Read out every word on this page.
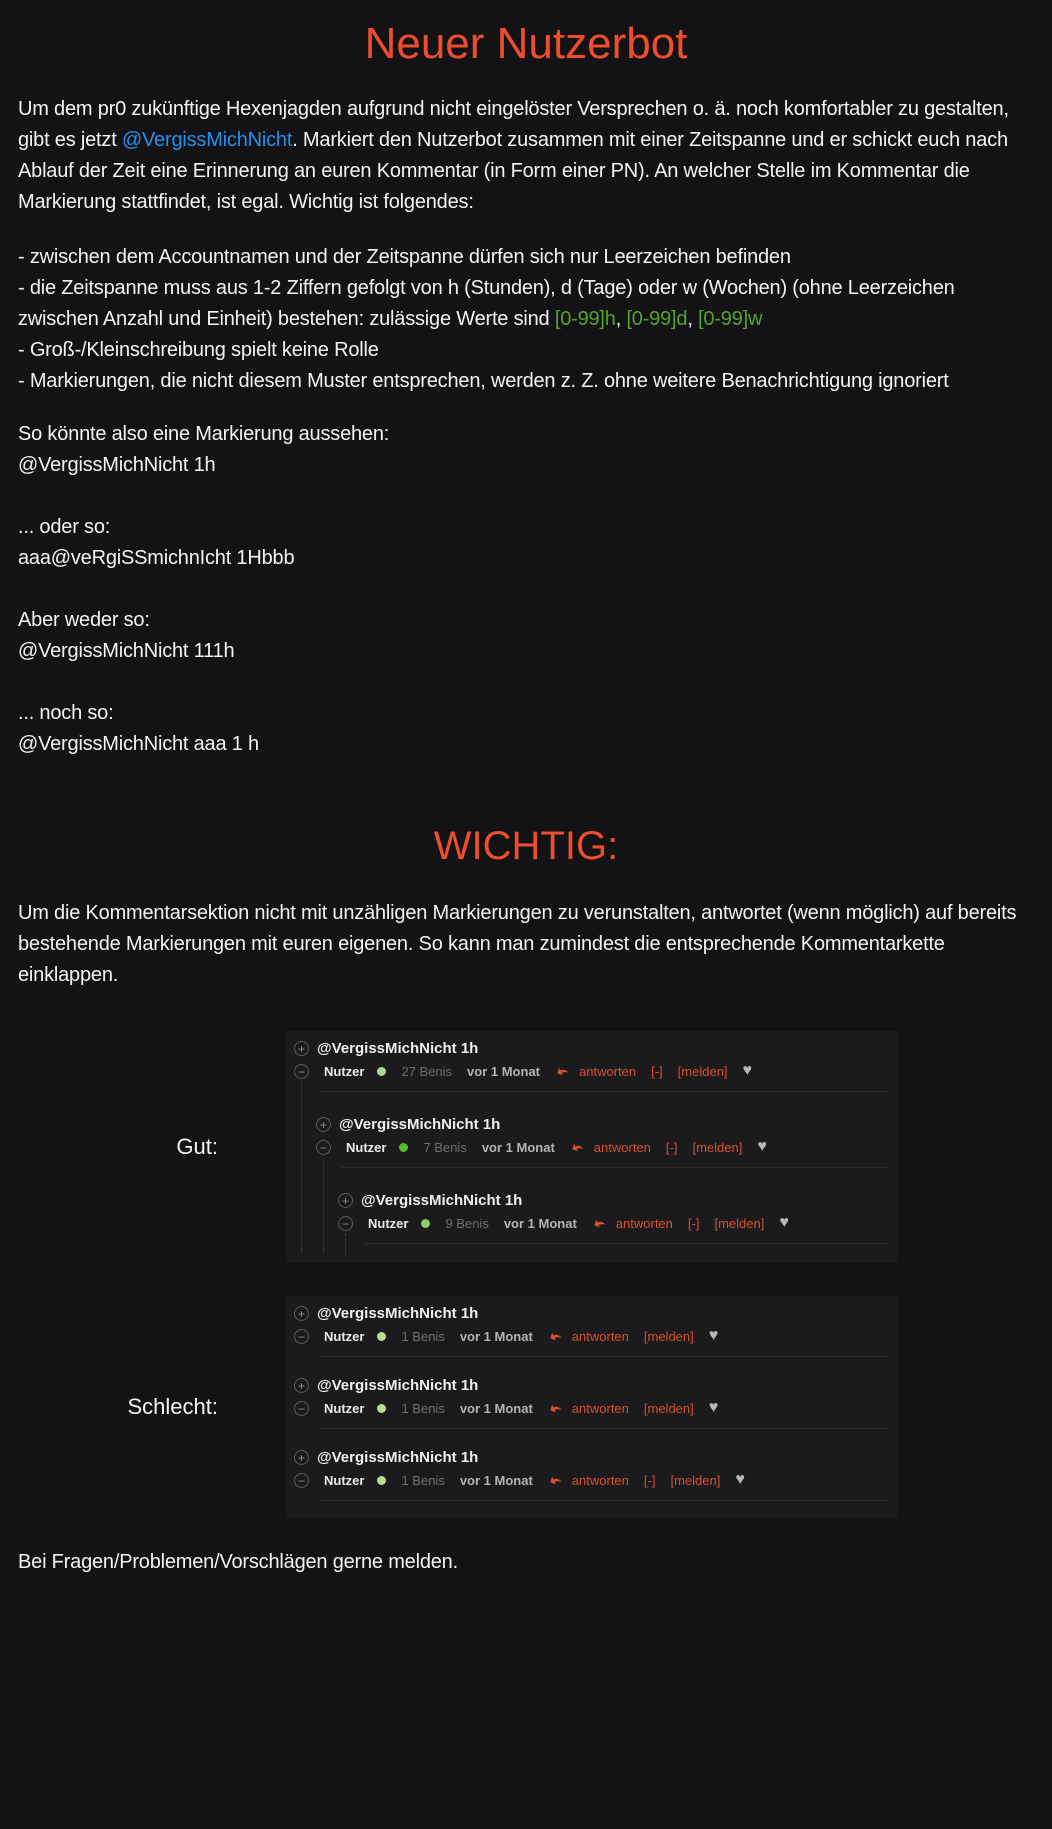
Neuer Nutzerbot

Um dem pr0 zukünftige Hexenjagden aufgrund nicht eingelöster Versprechen o. ä. noch komfortabler zu gestalten, gibt es jetzt @VergissMichNicht. Markiert den Nutzerbot zusammen mit einer Zeitspanne und er schickt euch nach Ablauf der Zeit eine Erinnerung an euren Kommentar (in Form einer PN). An welcher Stelle im Kommentar die Markierung stattfindet, ist egal. Wichtig ist folgendes:

- zwischen dem Accountnamen und der Zeitspanne dürfen sich nur Leerzeichen befinden
- die Zeitspanne muss aus 1-2 Ziffern gefolgt von h (Stunden), d (Tage) oder w (Wochen) (ohne Leerzeichen zwischen Anzahl und Einheit) bestehen: zulässige Werte sind [0-99]h, [0-99]d, [0-99]w
- Groß-/Kleinschreibung spielt keine Rolle
- Markierungen, die nicht diesem Muster entsprechen, werden z. Z. ohne weitere Benachrichtigung ignoriert
So könnte also eine Markierung aussehen:
@VergissMichNicht 1h
... oder so:
aaa@veRgiSSmichnIcht 1Hbbb
Aber weder so:
@VergissMichNicht 111h
... noch so:
@VergissMichNicht aaa 1 h
WICHTIG:

Um die Kommentarsektion nicht mit unzähligen Markierungen zu verunstalten, antwortet (wenn möglich) auf bereits bestehende Markierungen mit euren eigenen. So kann man zumindest die entsprechende Kommentarkette einklappen.

Gut:
+ @VergissMichNicht 1h
−	Nutzer	27 Benis vor 1 Monat	antworten [-] [melden] ♥
+ @VergissMichNicht 1h
−	Nutzer	7 Benis vor 1 Monat	antworten [-] [melden] ♥
+ @VergissMichNicht 1h
−	Nutzer	9 Benis vor 1 Monat	antworten [-] [melden] ♥
Schlecht:
+ @VergissMichNicht 1h
−	Nutzer	1 Benis vor 1 Monat	antworten [melden] ♥
+ @VergissMichNicht 1h
−	Nutzer	1 Benis vor 1 Monat	antworten [melden] ♥
+ @VergissMichNicht 1h
−	Nutzer	1 Benis vor 1 Monat	antworten [-] [melden] ♥

Bei Fragen/Problemen/Vorschlägen gerne melden.
